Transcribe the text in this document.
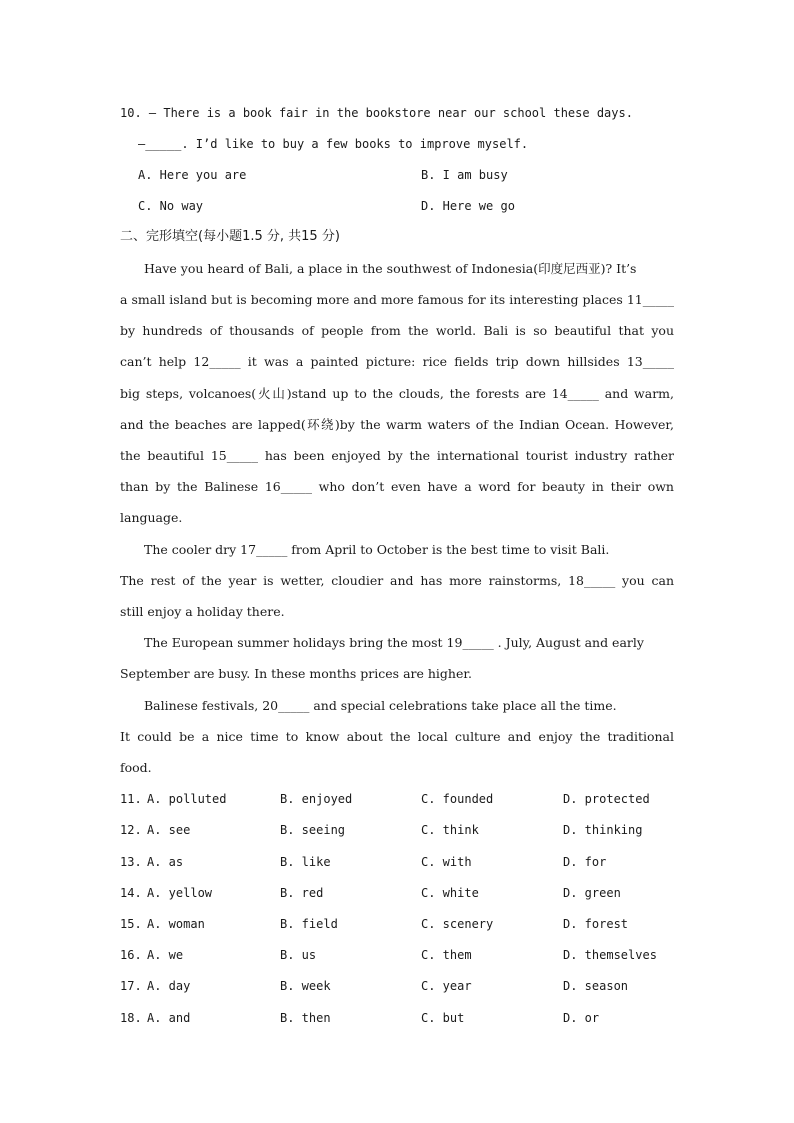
10. — There is a book fair in the bookstore near our school these days.
—_____. I’d like to buy a few books to improve myself.
A. Here you are	B. I am busy
C. No way	D. Here we go
二、完形填空(每小题1.5 分, 共15 分)
Have you heard of Bali, a place in the southwest of Indonesia(印度尼西亚)? It’s
a small island but is becoming more and more famous for its interesting places 11_____
by hundreds of thousands of people from the world. Bali is so beautiful that you
can’t help 12_____ it was a painted picture: rice fields trip down hillsides 13_____
big steps, volcanoes(火山)stand up to the clouds, the forests are 14_____ and warm,
and the beaches are lapped(环绕)by the warm waters of the Indian Ocean. However,
the beautiful 15_____ has been enjoyed by the international tourist industry rather
than by the Balinese 16_____ who don’t even have a word for beauty in their own
language.
The cooler dry 17_____ from April to October is the best time to visit Bali.
The rest of the year is wetter, cloudier and has more rainstorms, 18_____ you can
still enjoy a holiday there.
The European summer holidays bring the most 19_____ . July, August and early
September are busy. In these months prices are higher.
Balinese festivals, 20_____ and special celebrations take place all the time.
It could be a nice time to know about the local culture and enjoy the traditional
food.
11. A. polluted	B. enjoyed	C. founded	D. protected
12. A. see	B. seeing	C. think	D. thinking
13. A. as	B. like	C. with	D. for
14. A. yellow	B. red	C. white	D. green
15. A. woman	B. field	C. scenery	D. forest
16. A. we	B. us	C. them	D. themselves
17. A. day	B. week	C. year	D. season
18. A. and	B. then	C. but	D. or
